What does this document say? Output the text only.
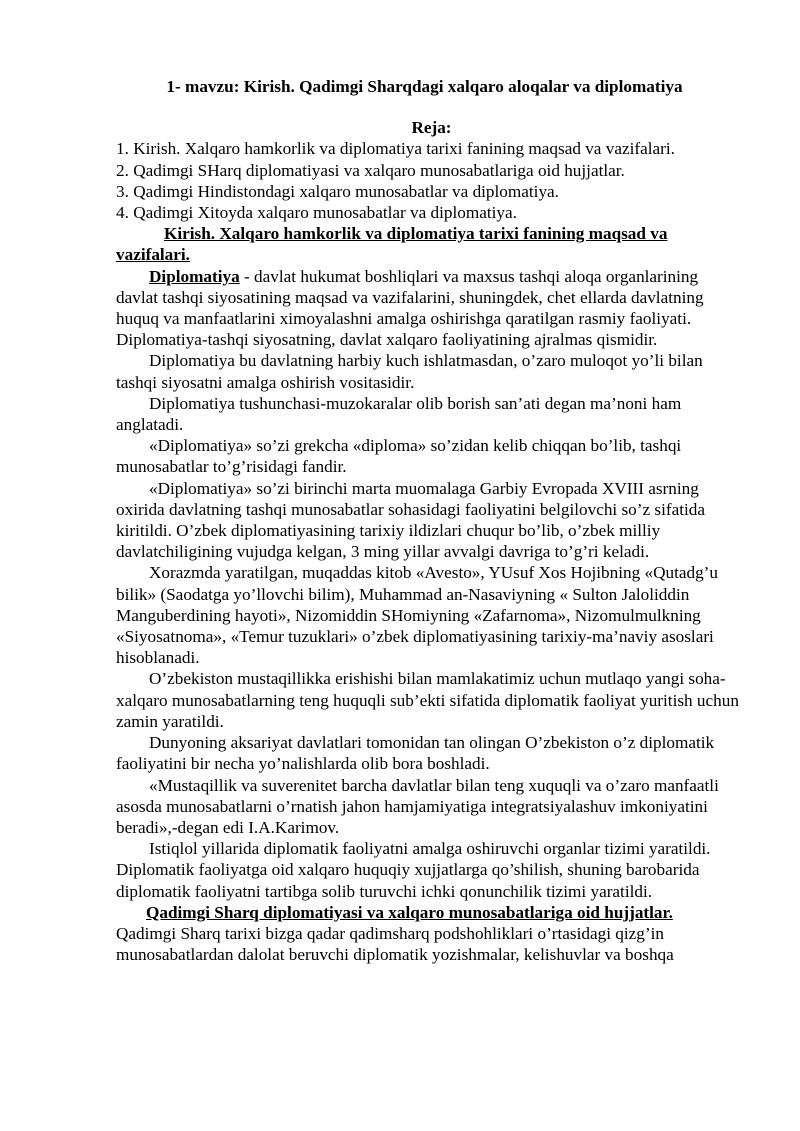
1- mavzu: Kirish. Qadimgi Sharqdagi xalqaro aloqalar va diplomatiya

Reja:

1. Kirish. Xalqaro hamkorlik va diplomatiya tarixi fanining maqsad va vazifalari.
2. Qadimgi SHarq diplomatiyasi va xalqaro munosabatlariga oid hujjatlar.
3. Qadimgi Hindistondagi xalqaro munosabatlar va diplomatiya.
4. Qadimgi Xitoyda xalqaro munosabatlar va diplomatiya.

Kirish. Xalqaro hamkorlik va diplomatiya tarixi fanining maqsad va vazifalari.

Diplomatiya - davlat hukumat boshliqlari va maxsus tashqi aloqa organlarining davlat tashqi siyosatining maqsad va vazifalarini, shuningdek, chet ellarda davlatning huquq va manfaatlarini ximoyalashni amalga oshirishga qaratilgan rasmiy faoliyati. Diplomatiya-tashqi siyosatning, davlat xalqaro faoliyatining ajralmas qismidir.

Diplomatiya bu davlatning harbiy kuch ishlatmasdan, o’zaro muloqot yo’li bilan tashqi siyosatni amalga oshirish vositasidir.

Diplomatiya tushunchasi-muzokaralar olib borish san’ati degan ma’noni ham anglatadi.

«Diplomatiya» so’zi grekcha «diploma» so’zidan kelib chiqqan bo’lib, tashqi munosabatlar to’g’risidagi fandir.

«Diplomatiya» so’zi birinchi marta muomalaga Garbiy Evropada XVIII asrning oxirida davlatning tashqi munosabatlar sohasidagi faoliyatini belgilovchi so’z sifatida kiritildi. O’zbek diplomatiyasining tarixiy ildizlari chuqur bo’lib, o’zbek milliy davlatchiligining vujudga kelgan, 3 ming yillar avvalgi davriga to’g’ri keladi.

Xorazmda yaratilgan, muqaddas kitob «Avesto», YUsuf Xos Hojibning «Qutadg’u bilik» (Saodatga yo’llovchi bilim), Muhammad an-Nasaviyning « Sulton Jaloliddin Manguberdining hayoti», Nizomiddin SHomiyning «Zafarnoma», Nizomulmulkning «Siyosatnoma», «Temur tuzuklari» o’zbek diplomatiyasining tarixiy-ma’naviy asoslari hisoblanadi.

O’zbekiston mustaqillikka erishishi bilan mamlakatimiz uchun mutlaqo yangi soha-xalqaro munosabatlarning teng huquqli sub’ekti sifatida diplomatik faoliyat yuritish uchun zamin yaratildi.

Dunyoning aksariyat davlatlari tomonidan tan olingan O’zbekiston o’z diplomatik faoliyatini bir necha yo’nalishlarda olib bora boshladi.

«Mustaqillik va suverenitet barcha davlatlar bilan teng xuquqli va o’zaro manfaatli asosda munosabatlarni o’rnatish jahon hamjamiyatiga integratsiyalashuv imkoniyatini beradi»,-degan edi I.A.Karimov.

Istiqlol yillarida diplomatik faoliyatni amalga oshiruvchi organlar tizimi yaratildi. Diplomatik faoliyatga oid xalqaro huquqiy xujjatlarga qo’shilish, shuning barobarida diplomatik faoliyatni tartibga solib turuvchi ichki qonunchilik tizimi yaratildi.

Qadimgi Sharq diplomatiyasi va xalqaro munosabatlariga oid hujjatlar.

Qadimgi Sharq tarixi bizga qadar qadimsharq podshohliklari o’rtasidagi qizg’in munosabatlardan dalolat beruvchi diplomatik yozishmalar, kelishuvlar va boshqa
